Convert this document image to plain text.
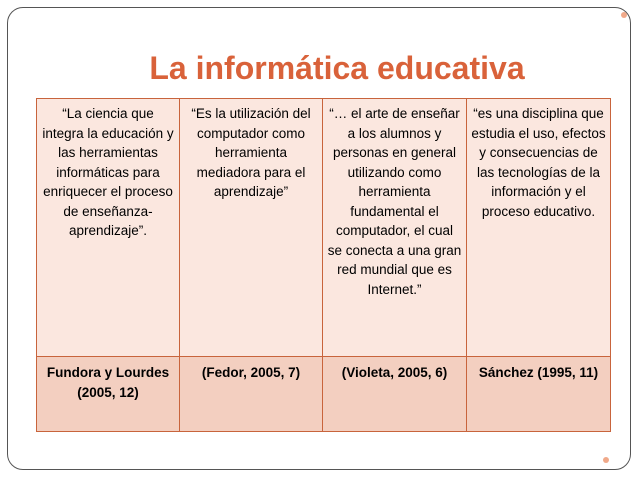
La informática educativa
“La ciencia que integra la educación y las herramientas informáticas para enriquecer el proceso de enseñanza-aprendizaje”.	“Es la utilización del computador como herramienta mediadora para el aprendizaje”	“… el arte de enseñar a los alumnos y personas en general utilizando como herramienta fundamental el computador, el cual se conecta a una gran red mundial que es Internet.”	“es una disciplina que estudia el uso, efectos y consecuencias de las tecnologías de la información y el proceso educativo.
Fundora y Lourdes (2005, 12)	(Fedor, 2005, 7)	(Violeta, 2005, 6)	Sánchez (1995, 11)
